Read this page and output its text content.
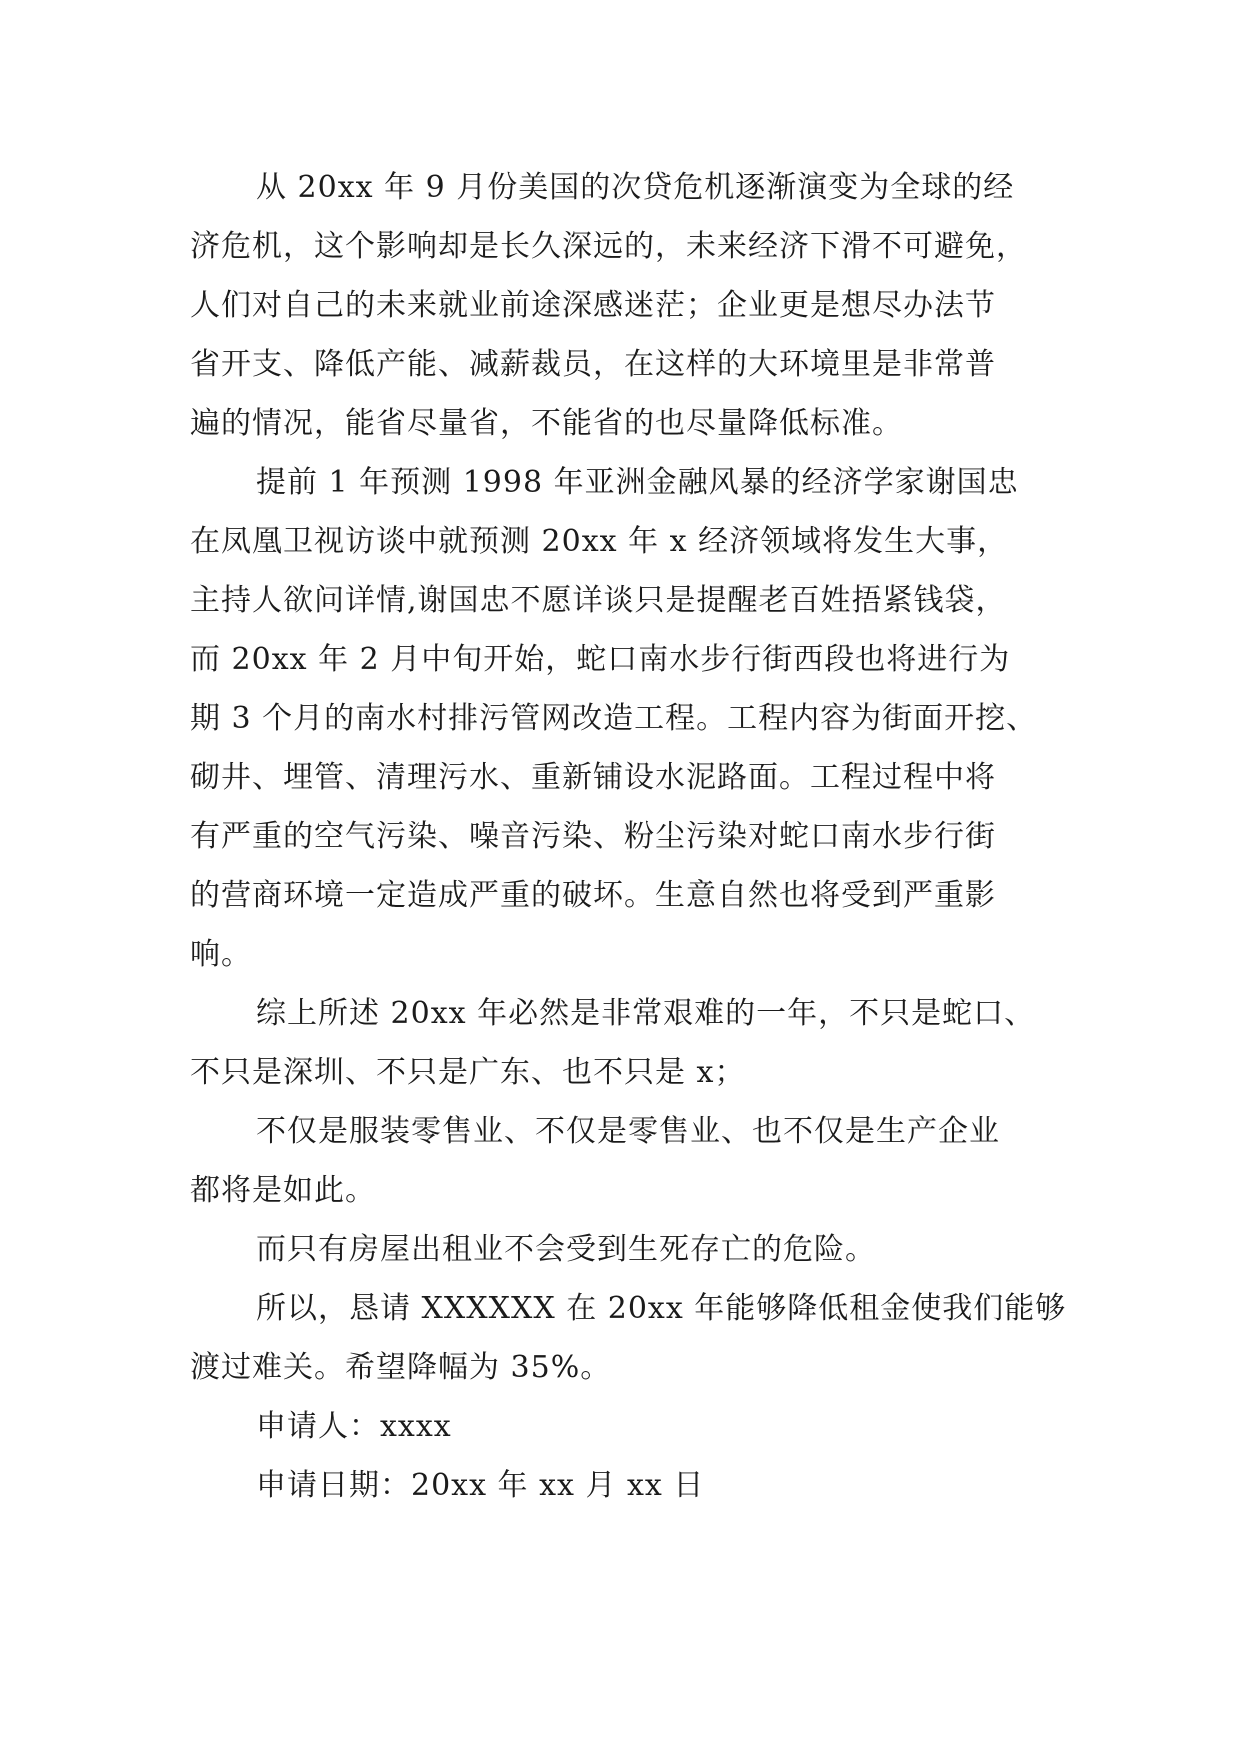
从 20xx 年 9 月份美国的次贷危机逐渐演变为全球的经
济危机，这个影响却是长久深远的，未来经济下滑不可避免，
人们对自己的未来就业前途深感迷茫；企业更是想尽办法节
省开支、降低产能、减薪裁员，在这样的大环境里是非常普
遍的情况，能省尽量省，不能省的也尽量降低标准。
提前 1 年预测 1998 年亚洲金融风暴的经济学家谢国忠
在凤凰卫视访谈中就预测 20xx 年 x 经济领域将发生大事，
主持人欲问详情,谢国忠不愿详谈只是提醒老百姓捂紧钱袋，
而 20xx 年 2 月中旬开始，蛇口南水步行街西段也将进行为
期 3 个月的南水村排污管网改造工程。工程内容为街面开挖、
砌井、埋管、清理污水、重新铺设水泥路面。工程过程中将
有严重的空气污染、噪音污染、粉尘污染对蛇口南水步行街
的营商环境一定造成严重的破坏。生意自然也将受到严重影
响。
综上所述 20xx 年必然是非常艰难的一年，不只是蛇口、
不只是深圳、不只是广东、也不只是 x；
不仅是服装零售业、不仅是零售业、也不仅是生产企业
都将是如此。
而只有房屋出租业不会受到生死存亡的危险。
所以，恳请 XXXXXX 在 20xx 年能够降低租金使我们能够
渡过难关。希望降幅为 35%。
申请人：xxxx
申请日期：20xx 年 xx 月 xx 日
